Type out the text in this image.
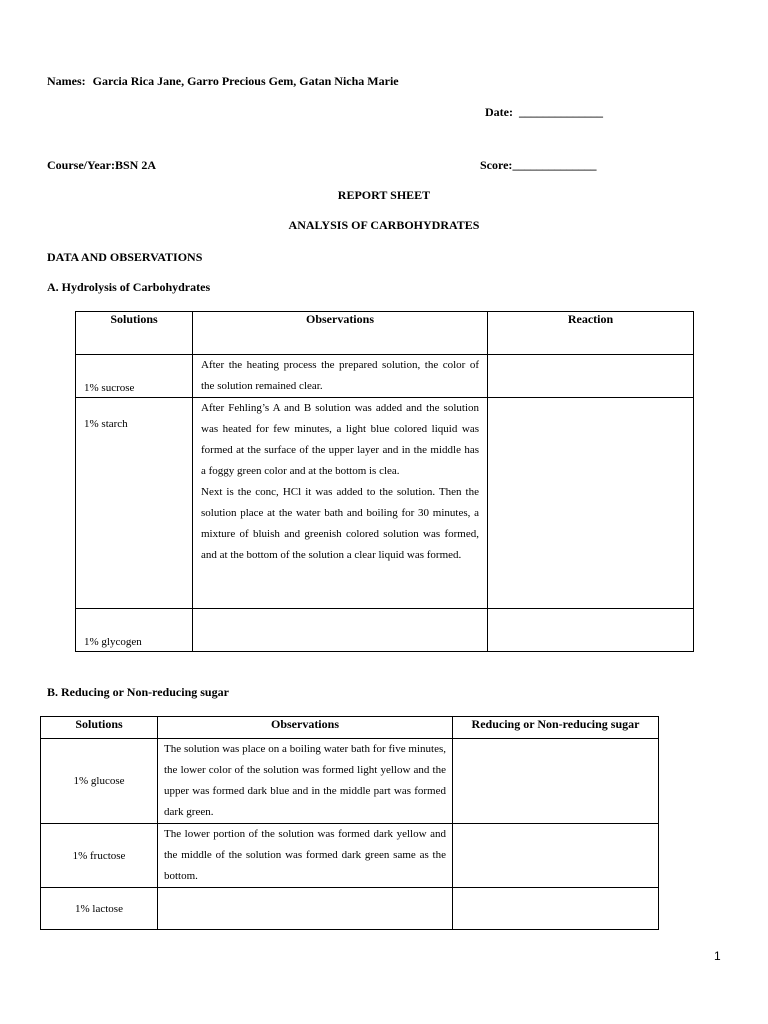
Names: Garcia Rica Jane, Garro Precious Gem, Gatan Nicha Marie
Date: ______________
Course/Year:BSN 2A	Score:______________
REPORT SHEET
ANALYSIS OF CARBOHYDRATES
DATA AND OBSERVATIONS
A. Hydrolysis of Carbohydrates
Solutions	Observations	Reaction
1% sucrose	After the heating process the prepared solution, the color of the solution remained clear.	
1% starch	After Fehling’s A and B solution was added and the solution was heated for few minutes, a light blue colored liquid was formed at the surface of the upper layer and in the middle has a foggy green color and at the bottom is clea.
Next is the conc, HCl it was added to the solution. Then the solution place at the water bath and boiling for 30 minutes, a mixture of bluish and greenish colored solution was formed, and at the bottom of the solution a clear liquid was formed.	

1% glycogen		
B. Reducing or Non-reducing sugar
Solutions	Observations	Reducing or Non-reducing sugar
1% glucose	The solution was place on a boiling water bath for five minutes, the lower color of the solution was formed light yellow and the upper was formed dark blue and in the middle part was formed dark green.	
1% fructose	The lower portion of the solution was formed dark yellow and the middle of the solution was formed dark green same as the bottom.	
1% lactose		
1
